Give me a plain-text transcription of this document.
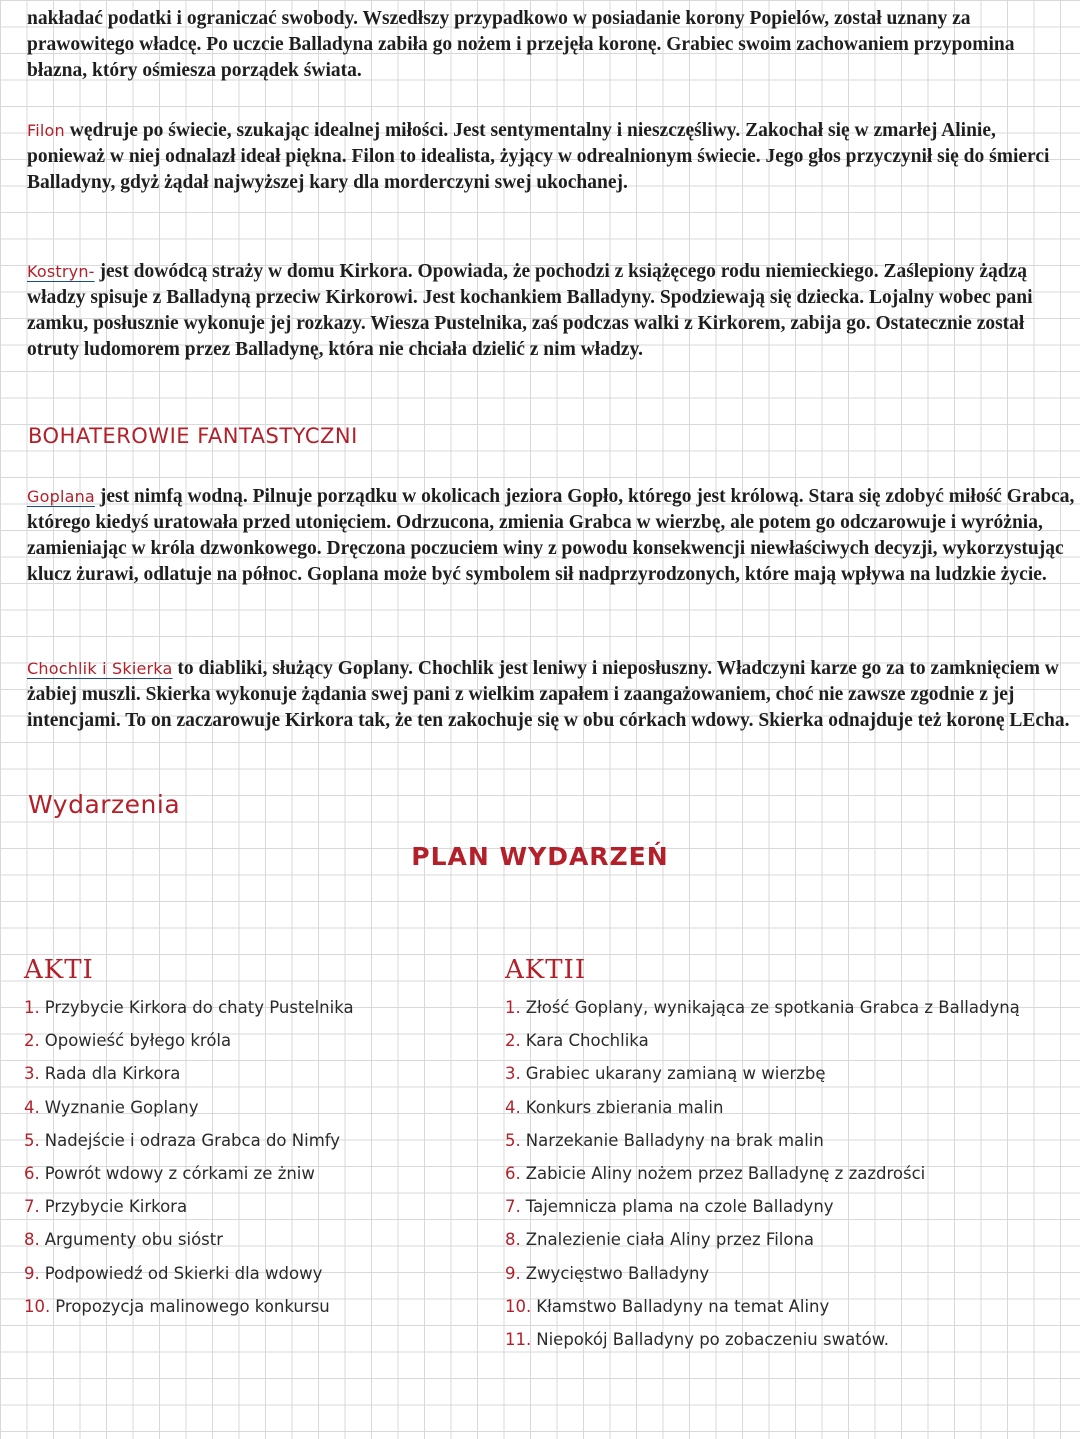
nakładać podatki i ograniczać swobody. Wszedłszy przypadkowo w posiadanie korony Popielów, został uznany za prawowitego władcę. Po uczcie Balladyna zabiła go nożem i przejęła koronę. Grabiec swoim zachowaniem przypomina błazna, który ośmiesza porządek świata.

Filon wędruje po świecie, szukając idealnej miłości. Jest sentymentalny i nieszczęśliwy. Zakochał się w zmarłej Alinie, ponieważ w niej odnalazł ideał piękna. Filon to idealista, żyjący w odrealnionym świecie. Jego głos przyczynił się do śmierci Balladyny, gdyż żądał najwyższej kary dla morderczyni swej ukochanej.

Kostryn- jest dowódcą straży w domu Kirkora. Opowiada, że pochodzi z książęcego rodu niemieckiego. Zaślepiony żądzą władzy spisuje z Balladyną przeciw Kirkorowi. Jest kochankiem Balladyny. Spodziewają się dziecka. Lojalny wobec pani zamku, posłusznie wykonuje jej rozkazy. Wiesza Pustelnika, zaś podczas walki z Kirkorem, zabija go. Ostatecznie został otruty ludomorem przez Balladynę, która nie chciała dzielić z nim władzy.

BOHATEROWIE FANTASTYCZNI

Goplana jest nimfą wodną. Pilnuje porządku w okolicach jeziora Gopło, którego jest królową. Stara się zdobyć miłość Grabca, którego kiedyś uratowała przed utonięciem. Odrzucona, zmienia Grabca w wierzbę, ale potem go odczarowuje i wyróżnia, zamieniając w króla dzwonkowego. Dręczona poczuciem winy z powodu konsekwencji niewłaściwych decyzji, wykorzystując klucz żurawi, odlatuje na północ. Goplana może być symbolem sił nadprzyrodzonych, które mają wpływa na ludzkie życie.

Chochlik i Skierka to diabliki, służący Goplany. Chochlik jest leniwy i nieposłuszny. Władczyni karze go za to zamknięciem w żabiej muszli. Skierka wykonuje żądania swej pani z wielkim zapałem i zaangażowaniem, choć nie zawsze zgodnie z jej intencjami. To on zaczarowuje Kirkora tak, że ten zakochuje się w obu córkach wdowy. Skierka odnajduje też koronę LEcha.

Wydarzenia
PLAN WYDARZEŃ
AKTI
1. Przybycie Kirkora do chaty Pustelnika
2. Opowieść byłego króla
3. Rada dla Kirkora
4. Wyznanie Goplany
5. Nadejście i odraza Grabca do Nimfy
6. Powrót wdowy z córkami ze żniw
7. Przybycie Kirkora
8. Argumenty obu sióstr
9. Podpowiedź od Skierki dla wdowy
10. Propozycja malinowego konkursu
AKTII
1. Złość Goplany, wynikająca ze spotkania Grabca z Balladyną
2. Kara Chochlika
3. Grabiec ukarany zamianą w wierzbę
4. Konkurs zbierania malin
5. Narzekanie Balladyny na brak malin
6. Zabicie Aliny nożem przez Balladynę z zazdrości
7. Tajemnicza plama na czole Balladyny
8. Znalezienie ciała Aliny przez Filona
9. Zwycięstwo Balladyny
10. Kłamstwo Balladyny na temat Aliny
11. Niepokój Balladyny po zobaczeniu swatów.
